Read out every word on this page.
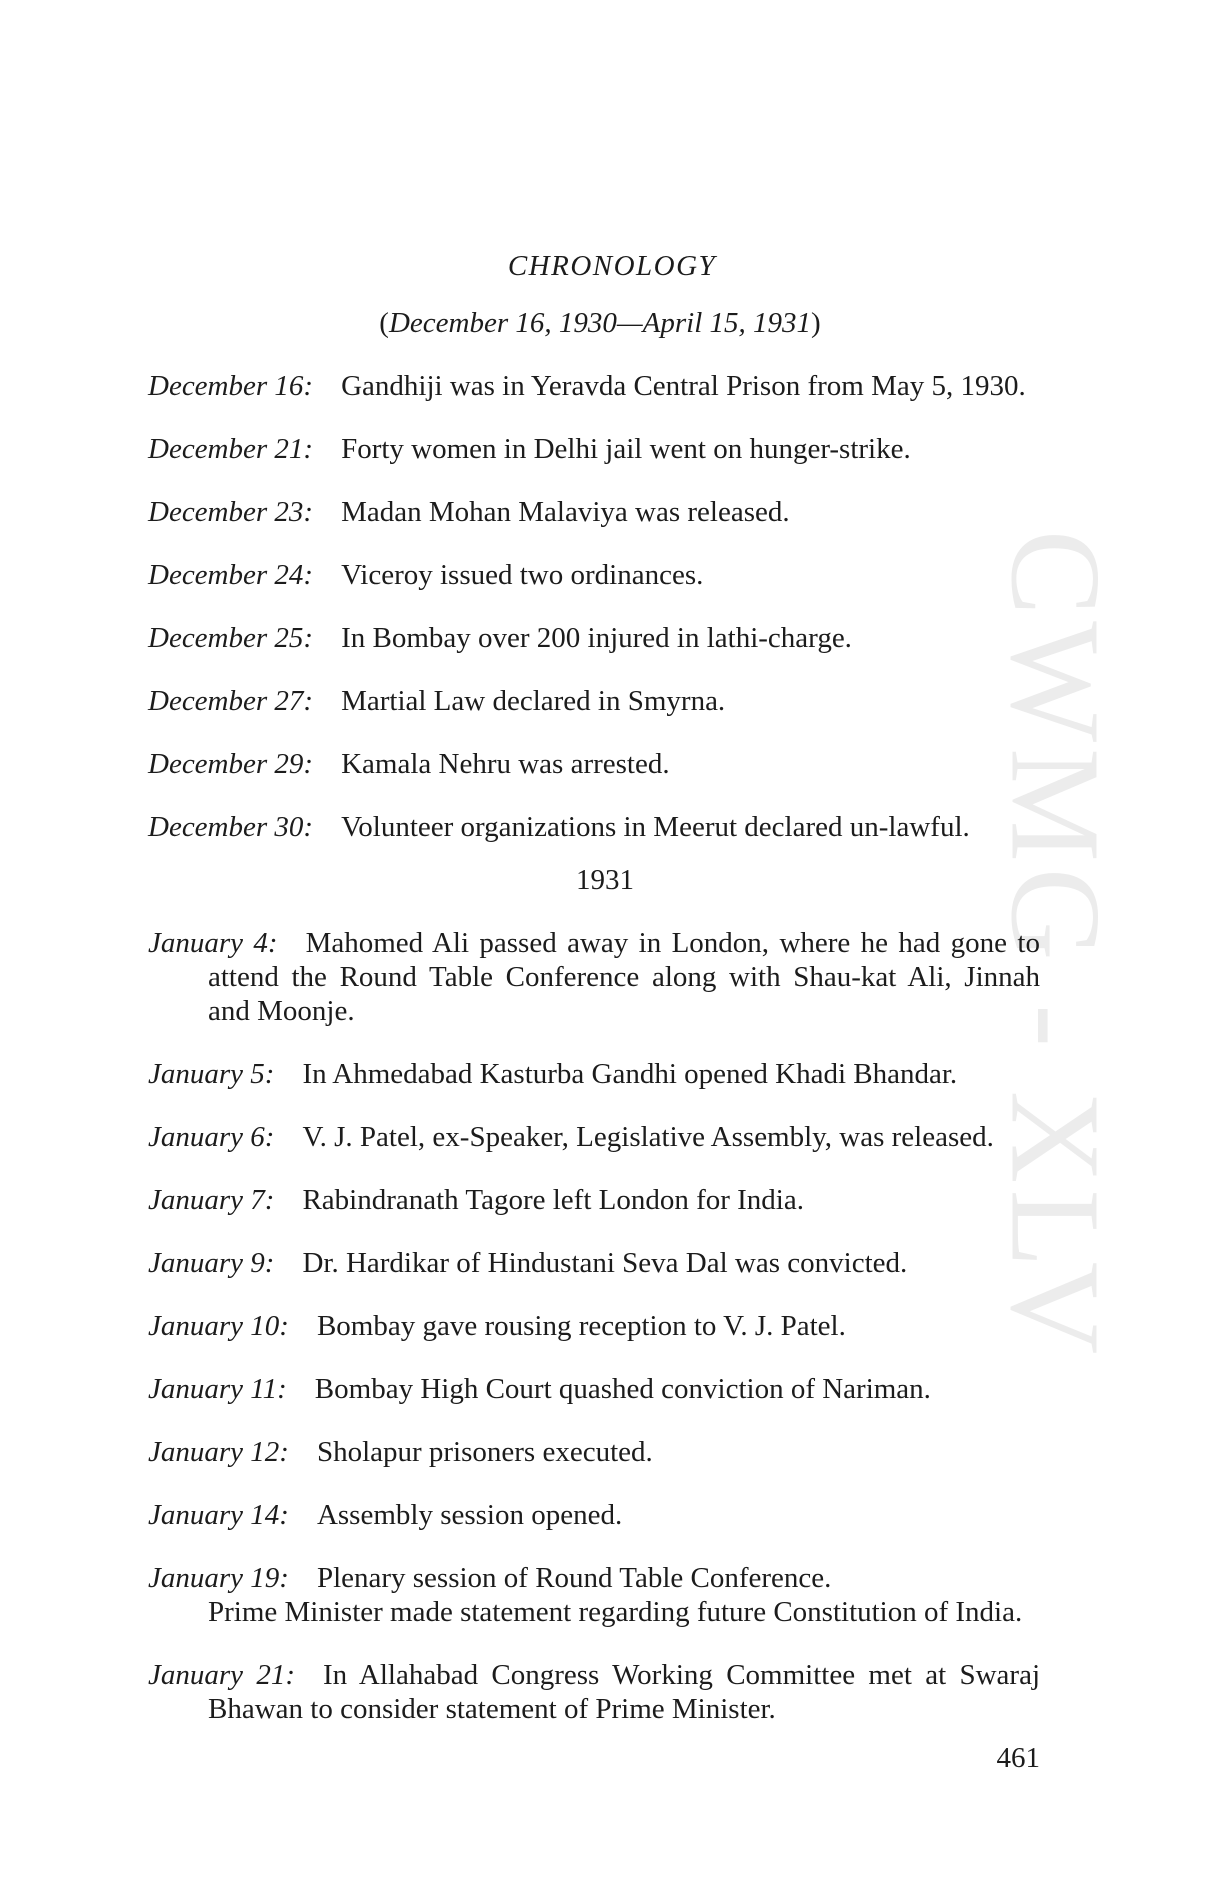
CWMG - XLV
CHRONOLOGY
(December 16, 1930—April 15, 1931)

December 16: Gandhiji was in Yeravda Central Prison from May 5, 1930.

December 21: Forty women in Delhi jail went on hunger-strike.

December 23: Madan Mohan Malaviya was released.

December 24: Viceroy issued two ordinances.

December 25: In Bombay over 200 injured in lathi-charge.

December 27: Martial Law declared in Smyrna.

December 29: Kamala Nehru was arrested.

December 30: Volunteer organizations in Meerut declared un-lawful.

1931

January 4: Mahomed Ali passed away in London, where he had gone to attend the Round Table Conference along with Shau-kat Ali, Jinnah and Moonje.

January 5: In Ahmedabad Kasturba Gandhi opened Khadi Bhandar.

January 6: V. J. Patel, ex-Speaker, Legislative Assembly, was released.

January 7: Rabindranath Tagore left London for India.

January 9: Dr. Hardikar of Hindustani Seva Dal was convicted.

January 10: Bombay gave rousing reception to V. J. Patel.

January 11: Bombay High Court quashed conviction of Nariman.

January 12: Sholapur prisoners executed.

January 14: Assembly session opened.

January 19: Plenary session of Round Table Conference.
Prime Minister made statement regarding future Constitution of India.

January 21: In Allahabad Congress Working Committee met at Swaraj Bhawan to consider statement of Prime Minister.

461
